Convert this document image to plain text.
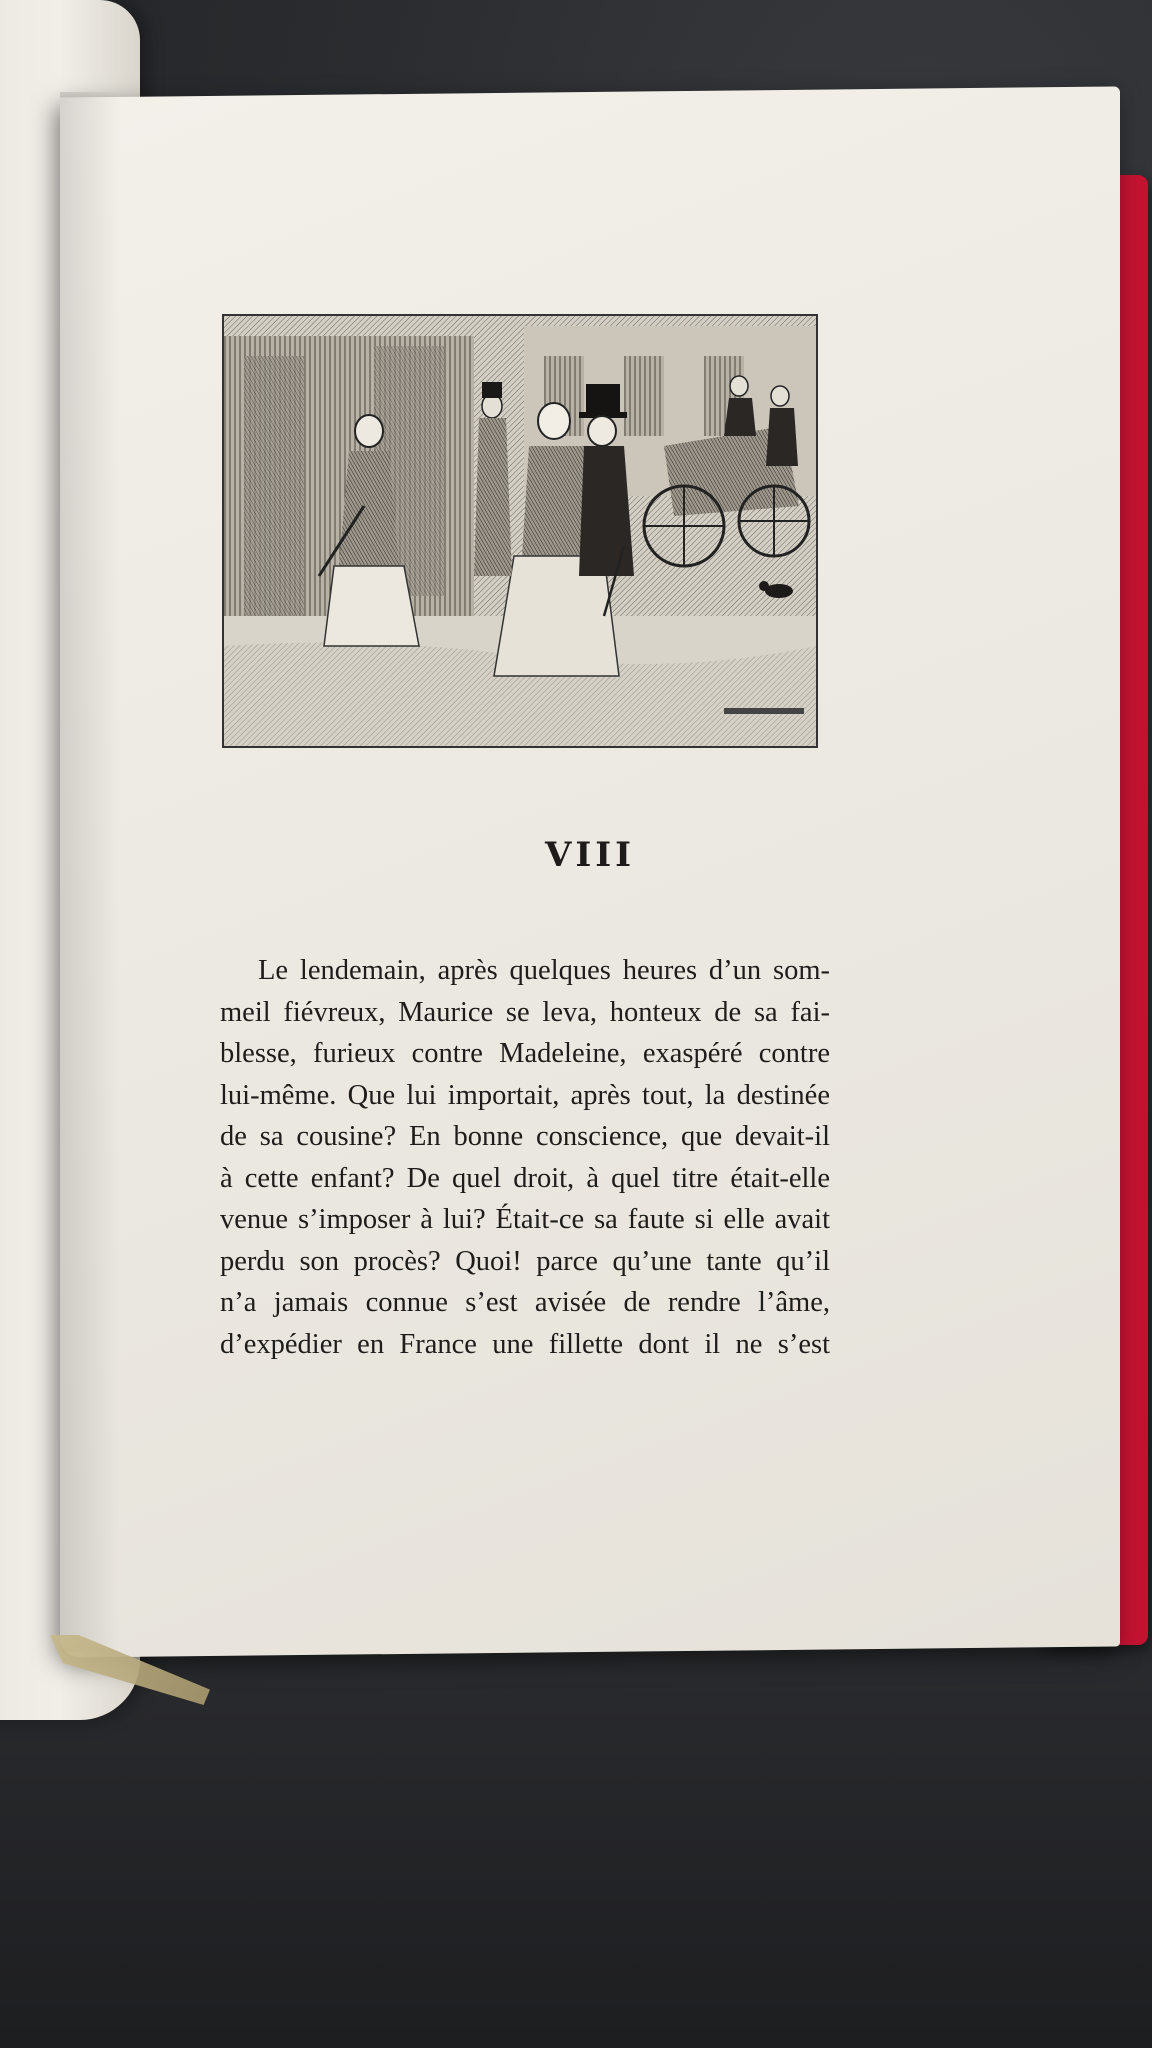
VIII
Le lendemain, après quelques heures d’un som-
meil fiévreux, Maurice se leva, honteux de sa fai-
blesse, furieux contre Madeleine, exaspéré contre
lui-même. Que lui importait, après tout, la destinée
de sa cousine? En bonne conscience, que devait-il
à cette enfant? De quel droit, à quel titre était-elle
venue s’imposer à lui? Était-ce sa faute si elle avait
perdu son procès? Quoi! parce qu’une tante qu’il
n’a jamais connue s’est avisée de rendre l’âme,
d’expédier en France une fillette dont il ne s’est
